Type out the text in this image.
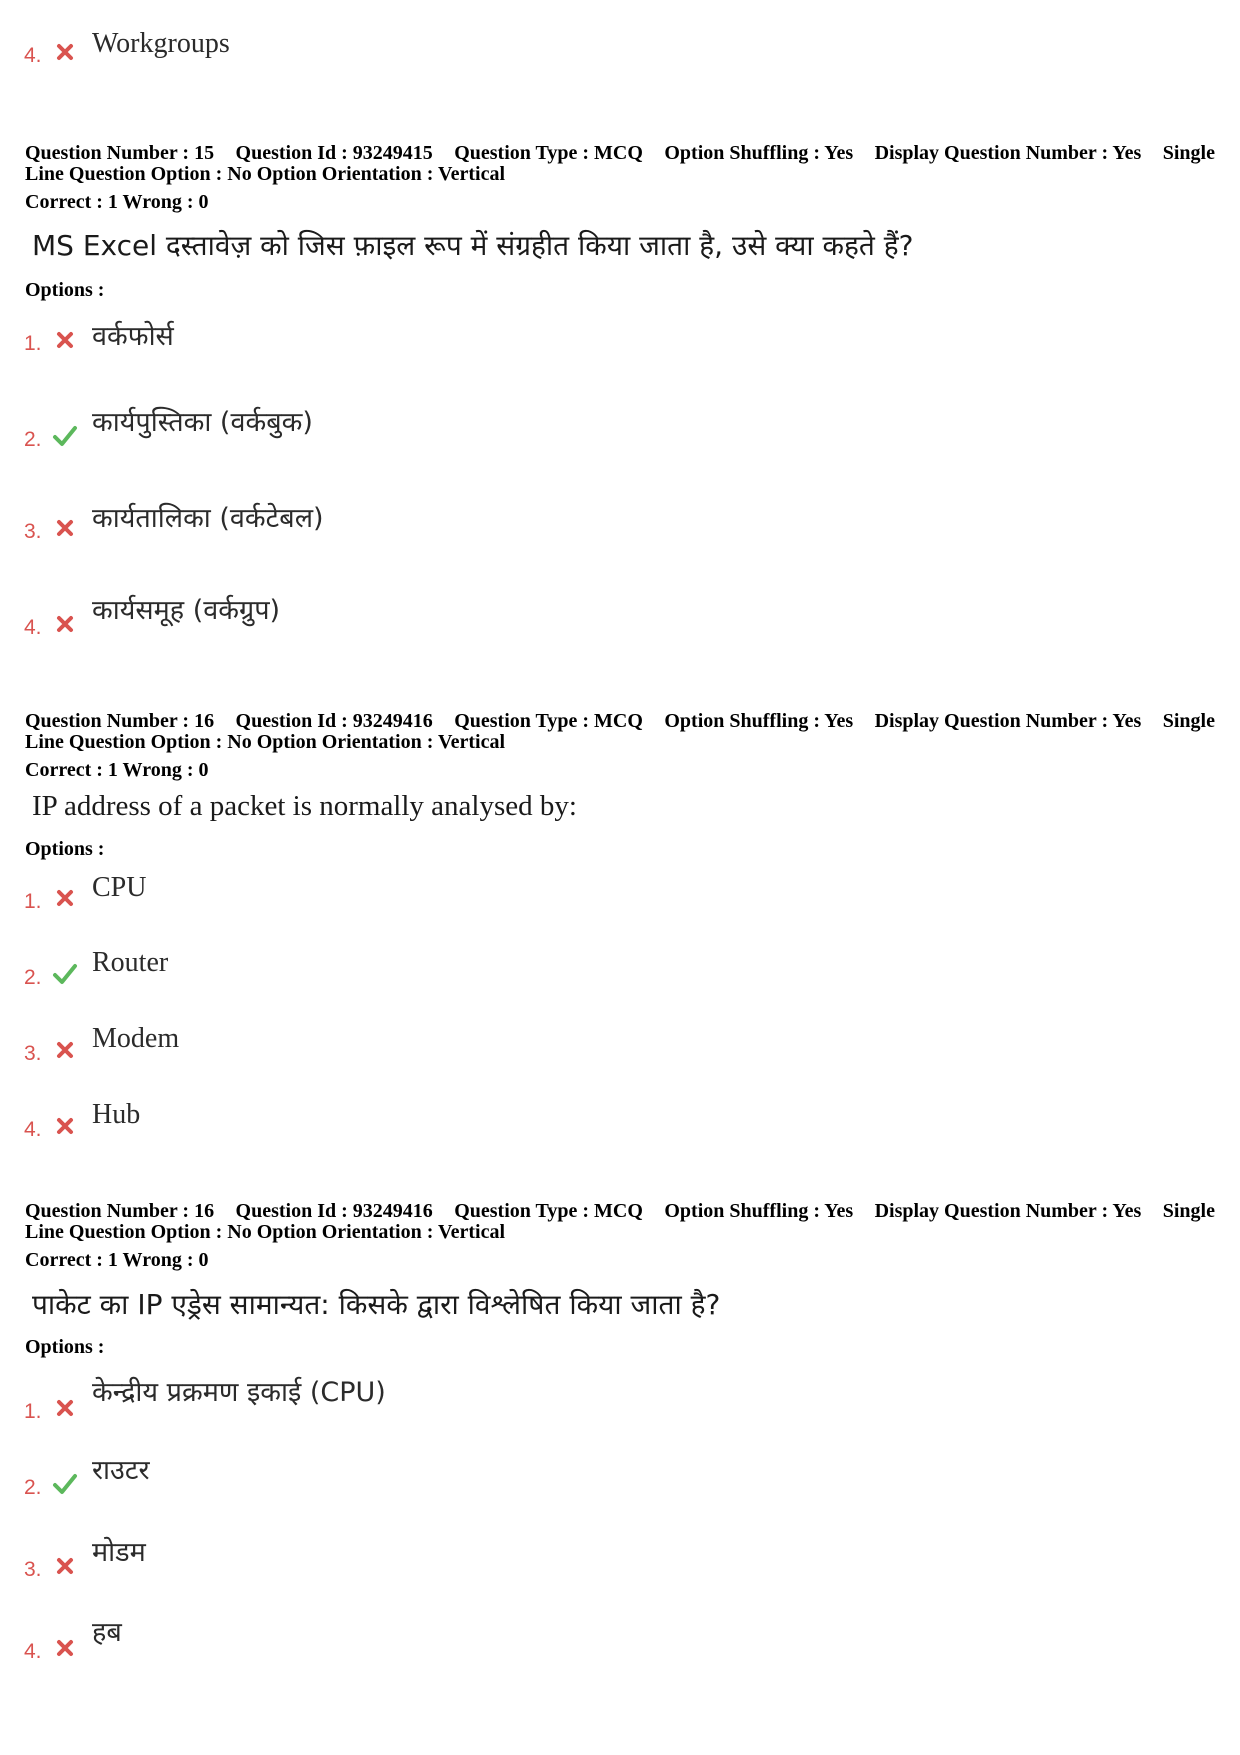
4. Workgroups
Question Number : 15 Question Id : 93249415 Question Type : MCQ Option Shuffling : Yes Display Question Number : Yes Single
Line Question Option : No Option Orientation : Vertical
Correct : 1 Wrong : 0
MS Excel दस्तावेज़ को जिस फ़ाइल रूप में संग्रहीत किया जाता है, उसे क्या कहते हैं?
Options :
1. वर्कफोर्स
2.
कार्यपुस्तिका (वर्कबुक)
3. कार्यतालिका (वर्कटेबल)
4.
कार्यसमूह (वर्कग्रुप)
Question Number : 16 Question Id : 93249416 Question Type : MCQ Option Shuffling : Yes Display Question Number : Yes Single
Line Question Option : No Option Orientation : Vertical
Correct : 1 Wrong : 0
IP address of a packet is normally analysed by:
Options :
1. CPU
2. Router
3. Modem
4. Hub
Question Number : 16 Question Id : 93249416 Question Type : MCQ Option Shuffling : Yes Display Question Number : Yes Single
Line Question Option : No Option Orientation : Vertical
Correct : 1 Wrong : 0
पाकेट का IP एड्रेस सामान्यत: किसके द्वारा विश्लेषित किया जाता है?
Options :
1.
केन्द्रीय प्रक्रमण इकाई (CPU)
2.
राउटर
3.
मोडम
4.
हब
